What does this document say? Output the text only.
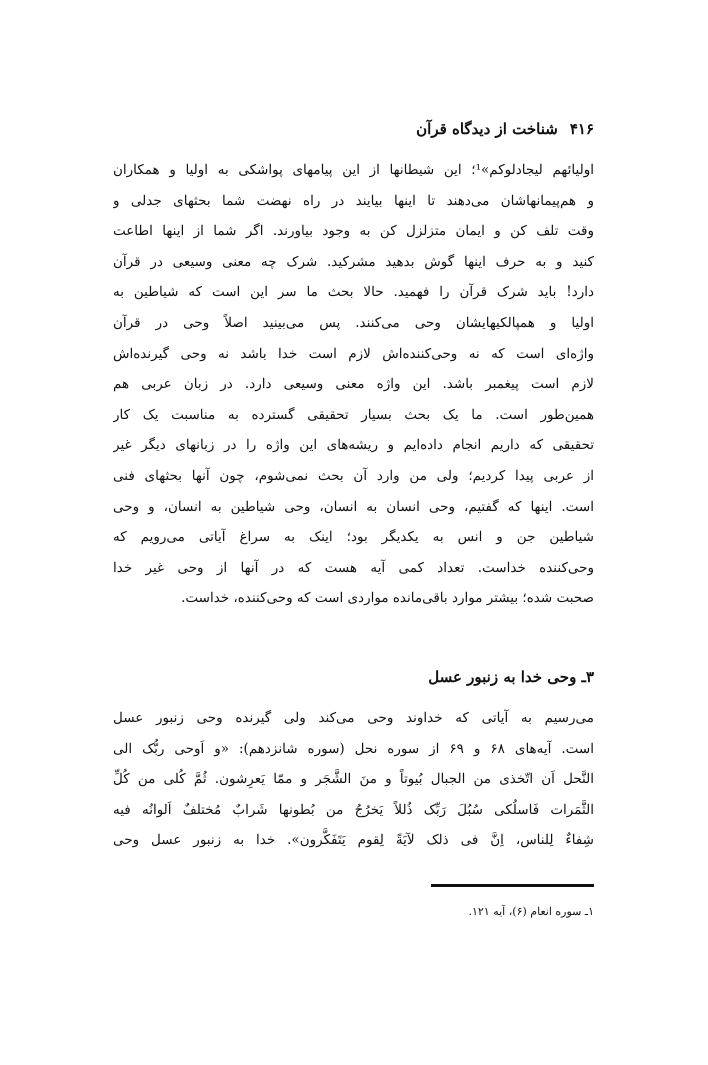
۴۱۶شناخت از دیدگاه قرآن
اولیائهم لیجادلوکم»¹؛ این شیطانها از این پیامهای پواشکی به اولیا و همکاران
و هم‌پیمانهاشان می‌دهند تا اینها بیایند در راه نهضت شما بحثهای جدلی و
وقت تلف کن و ایمان متزلزل کن به وجود بیاورند. اگر شما از اینها اطاعت
کنید و به حرف اینها گوش بدهید مشرکید. شرک چه معنی وسیعی در قرآن
دارد! باید شرک قرآن را فهمید. حالا بحث ما سر این است که شیاطین به
اولیا و همپالکیهایشان وحی می‌کنند. پس می‌بینید اصلاً وحی در قرآن
واژه‌ای است که نه وحی‌کننده‌اش لازم است خدا باشد نه وحی گیرنده‌اش
لازم است پیغمبر باشد. این واژه معنی وسیعی دارد. در زبان عربی هم
همین‌طور است. ما یک بحث بسیار تحقیقی گسترده به مناسبت یک کار
تحقیقی که داریم انجام داده‌ایم و ریشه‌های این واژه را در زبانهای دیگر غیر
از عربی پیدا کردیم؛ ولی من وارد آن بحث نمی‌شوم، چون آنها بحثهای فنی
است. اینها که گفتیم، وحی انسان به انسان، وحی شیاطین به انسان، و وحی
شیاطین جن و انس به یکدیگر بود؛ اینک به سراغ آیاتی می‌رویم که
وحی‌کننده خداست. تعداد کمی آیه هست که در آنها از وحی غیر خدا
صحبت شده؛ بیشتر موارد باقی‌مانده مواردی است که وحی‌کننده، خداست.
۳ـ وحی خدا به زنبور عسل
می‌رسیم به آیاتی که خداوند وحی می‌کند ولی گیرنده وحی زنبور عسل
است. آیه‌های ۶۸ و ۶۹ از سوره نحل (سوره شانزدهم): «و اَوحی ربُّک الی
النَّحل اَن اتّخذی من الجبال بُیوتاً و منَ الشَّجَر و ممّا یَعرِشون. ثُمَّ کُلی من کُلِّ
الثَّمَرات فَاسلُکی سُبُلَ رَبِّک ذُللاً یَخرُجُ من بُطونها شَرابٌ مُختلفٌ اَلوانُه فیه
شِفاءٌ لِلناس، اِنَّ فی ذلک لآیَةً لِقوم یَتَفَکَّرون». خدا به زنبور عسل وحی
۱ـ سوره انعام (۶)، آیه ۱۲۱.
